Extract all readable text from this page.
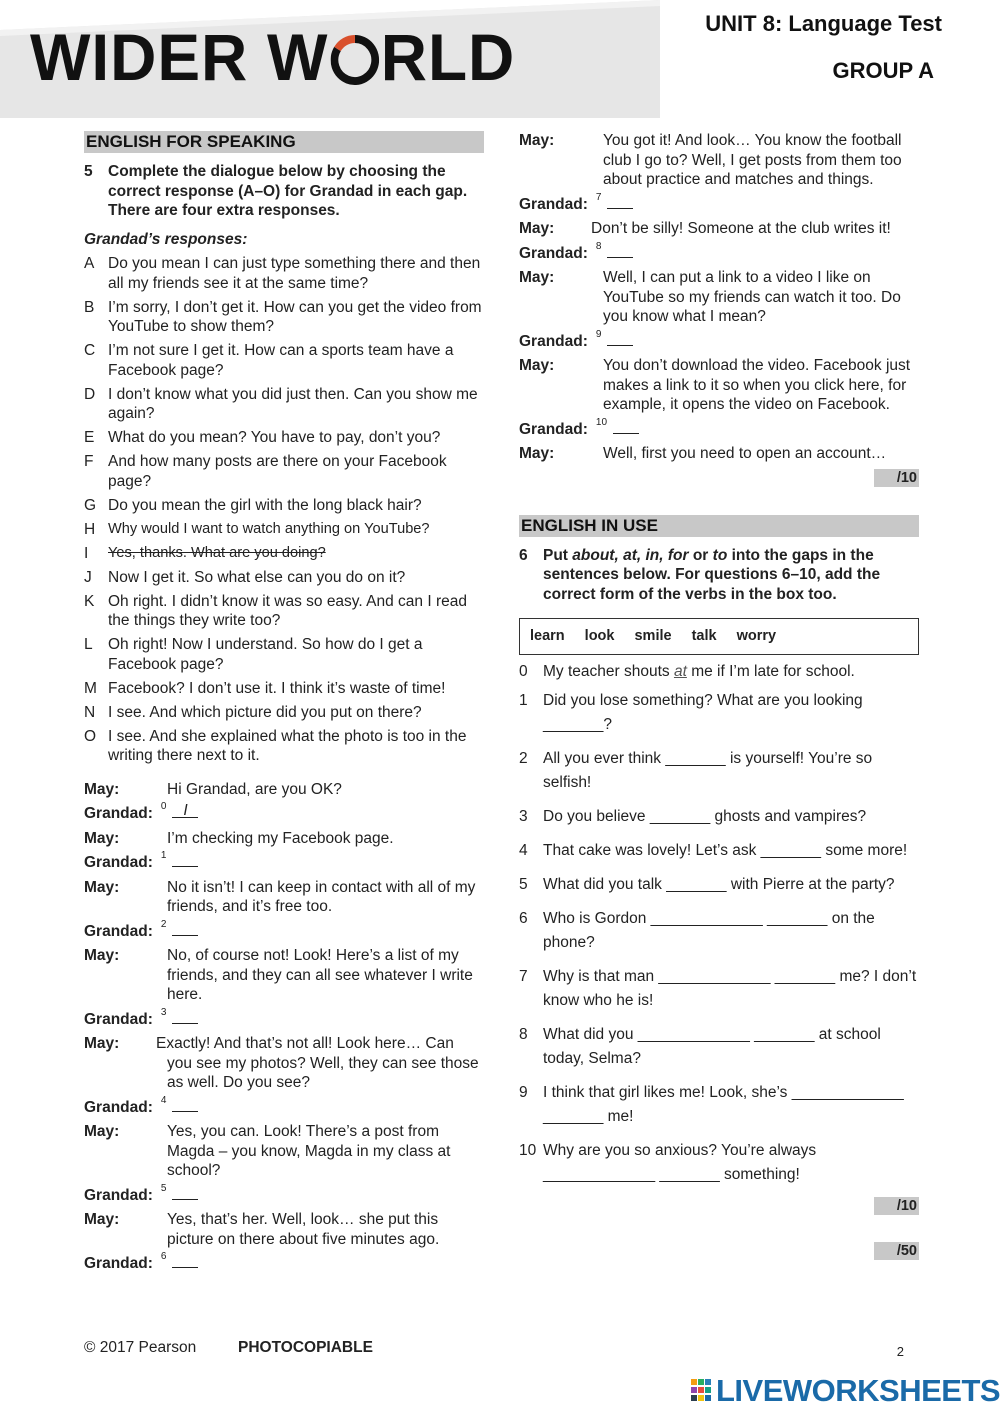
WIDER W RLD	UNIT 8: Language Test
GROUP A
ENGLISH FOR SPEAKING
5 Complete the dialogue below by choosing the correct response (A–O) for Grandad in each gap. There are four extra responses.
Grandad’s responses:
A Do you mean I can just type something there and then all my friends see it at the same time?
B I’m sorry, I don’t get it. How can you get the video from YouTube to show them?
C I’m not sure I get it. How can a sports team have a Facebook page?
D I don’t know what you did just then. Can you show me again?
E What do you mean? You have to pay, don’t you?
F And how many posts are there on your Facebook page?
G Do you mean the girl with the long black hair?
H Why would I want to watch anything on YouTube?
I	Yes, thanks. What are you doing?
J	Now I get it. So what else can you do on it?
K Oh right. I didn’t know it was so easy. And can I read the things they write too?
L Oh right! Now I understand. So how do I get a Facebook page?
M Facebook? I don’t use it. I think it’s waste of time!
N I see. And which picture did you put on there?
O I see. And she explained what the photo is too in the writing there next to it.
May:	Hi Grandad, are you OK?
Grandad: 0	I
May:	I’m checking my Facebook page.
Grandad: 1
May:	No it isn’t! I can keep in contact with all of my friends, and it’s free too.
Grandad: 2
May:	No, of course not! Look! Here’s a list of my friends, and they can all see whatever I write here.
Grandad: 3
May:	Exactly! And that’s not all! Look here… Can

you see my photos? Well, they can see those as well. Do you see?
Grandad: 4
May:	Yes, you can. Look! There’s a post from Magda – you know, Magda in my class at school?
Grandad: 5
May:	Yes, that’s her. Well, look… she put this picture on there about five minutes ago.
Grandad: 6
May:	You got it! And look… You know the football club I go to? Well, I get posts from them too about practice and matches and things.
Grandad: 7
May:	Don’t be silly! Someone at the club writes it!
Grandad: 8
May:	Well, I can put a link to a video I like on YouTube so my friends can watch it too. Do you know what I mean?
Grandad: 9
May:	You don’t download the video. Facebook just makes a link to it so when you click here, for example, it opens the video on Facebook.
Grandad: 10
May:	Well, first you need to open an account…
/10
ENGLISH IN USE
6 Put about, at, in, for or to into the gaps in the sentences below. For questions 6–10, add the correct form of the verbs in the box too.
learn look smile talk worry
0 My teacher shouts at me if I’m late for school.
1 Did you lose something? What are you looking _______?
2 All you ever think _______ is yourself! You’re so selfish!
3 Do you believe _______ ghosts and vampires?
4 That cake was lovely! Let’s ask _______ some more!
5 What did you talk _______ with Pierre at the party?
6 Who is Gordon _____________ _______ on the phone?
7 Why is that man _____________ _______ me? I don’t know who he is!
8 What did you _____________ _______ at school today, Selma?
9 I think that girl likes me! Look, she’s _____________ _______ me!
10 Why are you so anxious? You’re always _____________ _______ something!
/10
/50
© 2017 Pearson	PHOTOCOPIABLE	2
LIVEWORKSHEETS
